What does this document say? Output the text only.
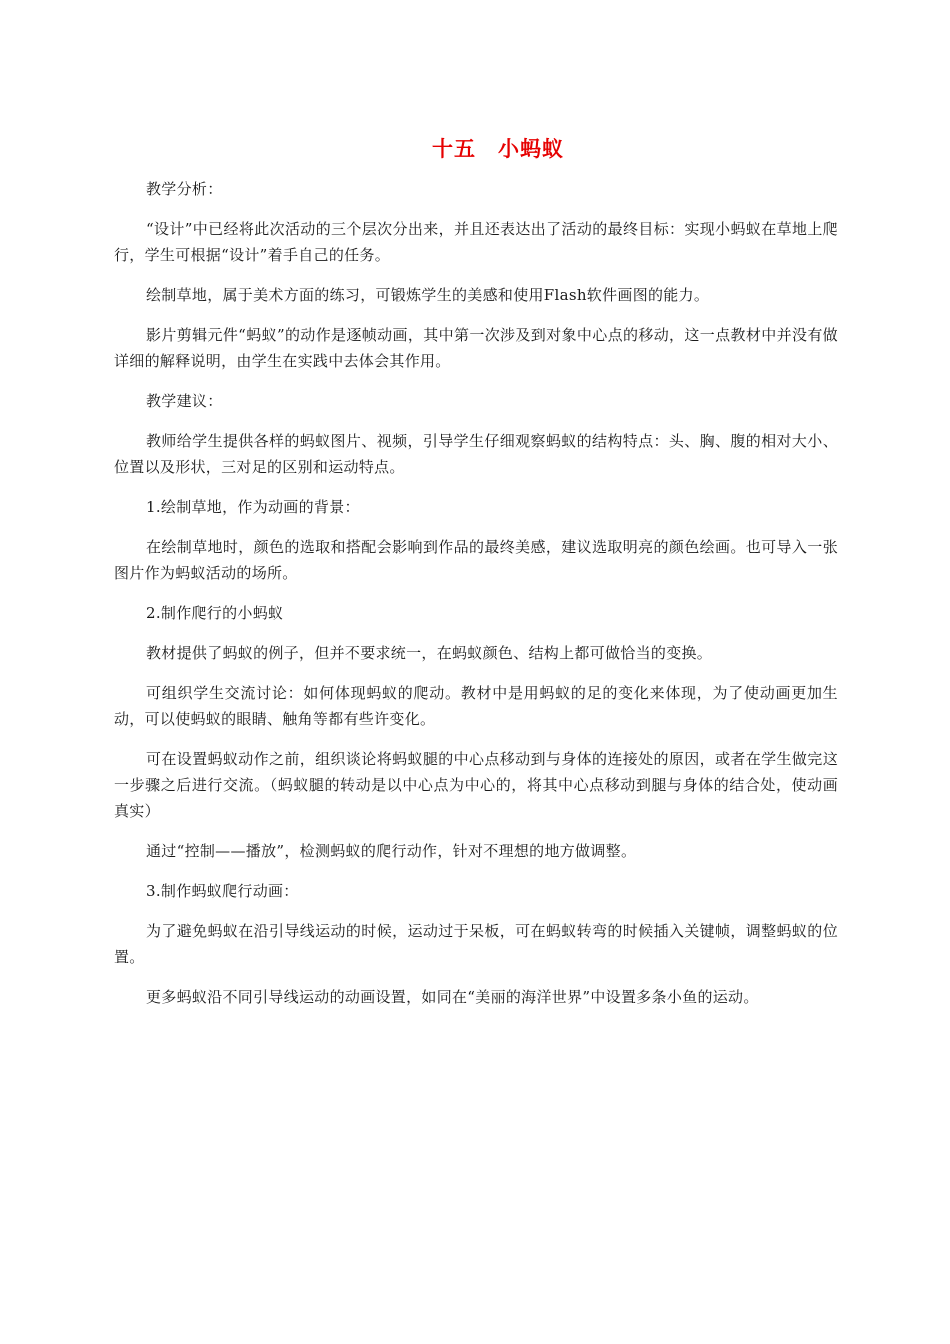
十五　小蚂蚁

教学分析：

“设计”中已经将此次活动的三个层次分出来，并且还表达出了活动的最终目标：实现小蚂蚁在草地上爬行，学生可根据“设计”着手自己的任务。

绘制草地，属于美术方面的练习，可锻炼学生的美感和使用Flash软件画图的能力。

影片剪辑元件“蚂蚁”的动作是逐帧动画，其中第一次涉及到对象中心点的移动，这一点教材中并没有做详细的解释说明，由学生在实践中去体会其作用。

教学建议：

教师给学生提供各样的蚂蚁图片、视频，引导学生仔细观察蚂蚁的结构特点：头、胸、腹的相对大小、位置以及形状，三对足的区别和运动特点。

1.绘制草地，作为动画的背景：

在绘制草地时，颜色的选取和搭配会影响到作品的最终美感，建议选取明亮的颜色绘画。也可导入一张图片作为蚂蚁活动的场所。

2.制作爬行的小蚂蚁

教材提供了蚂蚁的例子，但并不要求统一，在蚂蚁颜色、结构上都可做恰当的变换。

可组织学生交流讨论：如何体现蚂蚁的爬动。教材中是用蚂蚁的足的变化来体现，为了使动画更加生动，可以使蚂蚁的眼睛、触角等都有些许变化。

可在设置蚂蚁动作之前，组织谈论将蚂蚁腿的中心点移动到与身体的连接处的原因，或者在学生做完这一步骤之后进行交流。（蚂蚁腿的转动是以中心点为中心的，将其中心点移动到腿与身体的结合处，使动画真实）

通过“控制——播放”，检测蚂蚁的爬行动作，针对不理想的地方做调整。

3.制作蚂蚁爬行动画：

为了避免蚂蚁在沿引导线运动的时候，运动过于呆板，可在蚂蚁转弯的时候插入关键帧，调整蚂蚁的位置。

更多蚂蚁沿不同引导线运动的动画设置，如同在“美丽的海洋世界”中设置多条小鱼的运动。
